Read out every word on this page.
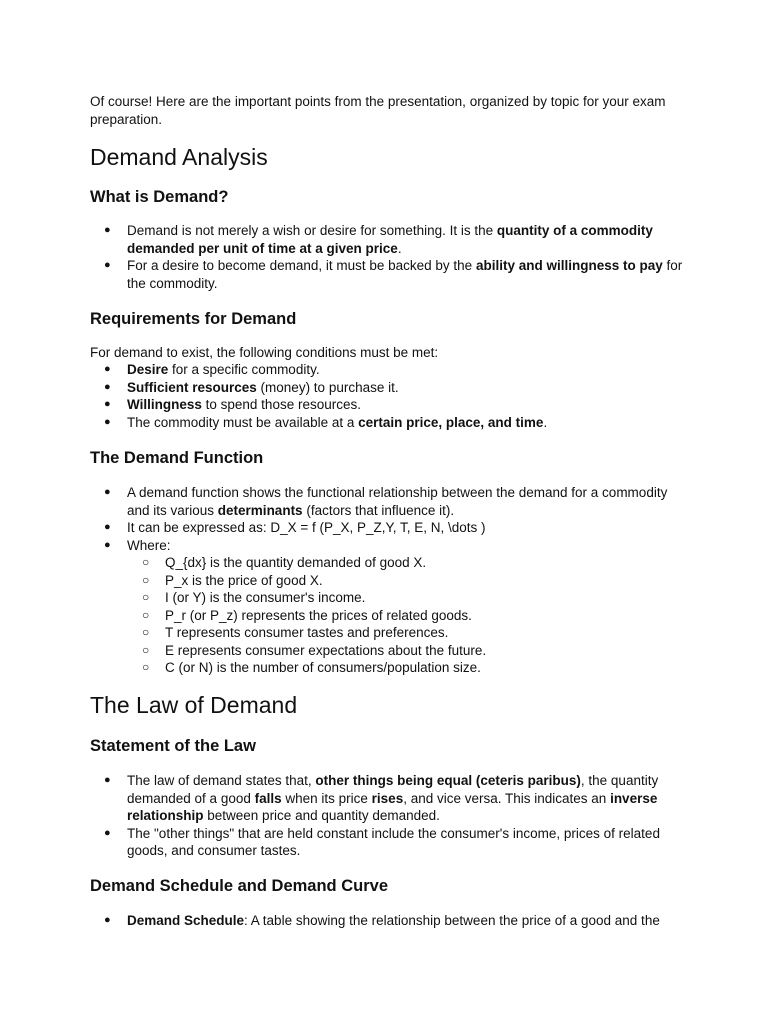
Of course! Here are the important points from the presentation, organized by topic for your exam preparation.

Demand Analysis
What is Demand?
● Demand is not merely a wish or desire for something. It is the quantity of a commodity demanded per unit of time at a given price.
● For a desire to become demand, it must be backed by the ability and willingness to pay for the commodity.
Requirements for Demand

For demand to exist, the following conditions must be met:

● Desire for a specific commodity.
● Sufficient resources (money) to purchase it.
● Willingness to spend those resources.
● The commodity must be available at a certain price, place, and time.
The Demand Function
● A demand function shows the functional relationship between the demand for a commodity and its various determinants (factors that influence it).
● It can be expressed as: D_X = f (P_X, P_Z,Y, T, E, N, \dots )
● Where:
○ Q_{dx} is the quantity demanded of good X.
○ P_x is the price of good X.
○ I (or Y) is the consumer's income.
○ P_r (or P_z) represents the prices of related goods.
○ T represents consumer tastes and preferences.
○ E represents consumer expectations about the future.
○ C (or N) is the number of consumers/population size.
The Law of Demand
Statement of the Law
● The law of demand states that, other things being equal (ceteris paribus), the quantity demanded of a good falls when its price rises, and vice versa. This indicates an inverse relationship between price and quantity demanded.
● The "other things" that are held constant include the consumer's income, prices of related goods, and consumer tastes.
Demand Schedule and Demand Curve
● Demand Schedule: A table showing the relationship between the price of a good and the
